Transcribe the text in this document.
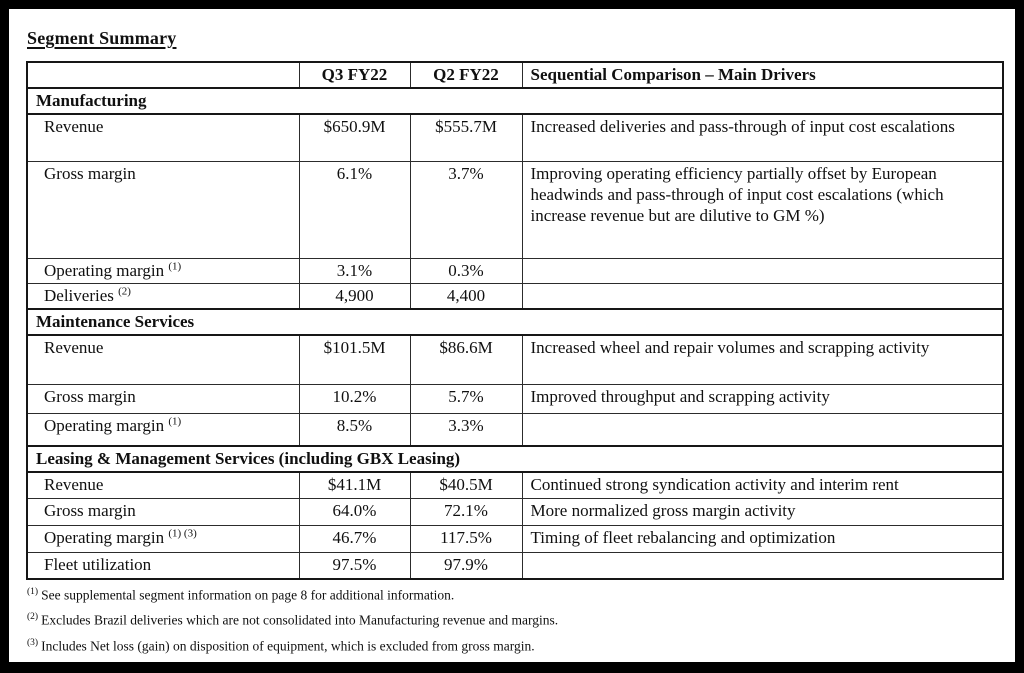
Segment Summary
	Q3 FY22	Q2 FY22	Sequential Comparison – Main Drivers
Manufacturing			
Revenue	$650.9M	$555.7M	Increased deliveries and pass-through of input cost escalations
Gross margin	6.1%	3.7%	Improving operating efficiency partially offset by European headwinds and pass-through of input cost escalations (which increase revenue but are dilutive to GM %)
Operating margin $^{(1)}$	3.1%	0.3%	
Deliveries $^{(2)}$	4,900	4,400	
Maintenance Services			
Revenue	$101.5M	$86.6M	Increased wheel and repair volumes and scrapping activity
Gross margin	10.2%	5.7%	Improved throughput and scrapping activity
Operating margin $^{(1)}$	8.5%	3.3%	
Leasing & Management Services (including GBX Leasing)			
Revenue	$41.1M	$40.5M	Continued strong syndication activity and interim rent
Gross margin	64.0%	72.1%	More normalized gross margin activity
Operating margin $^{(1) (3)}$	46.7%	117.5%	Timing of fleet rebalancing and optimization
Fleet utilization	97.5%	97.9%	
$^{(1)}$ See supplemental segment information on page 8 for additional information.
$^{(2)}$ Excludes Brazil deliveries which are not consolidated into Manufacturing revenue and margins.
$^{(3)}$ Includes Net loss (gain) on disposition of equipment, which is excluded from gross margin.
